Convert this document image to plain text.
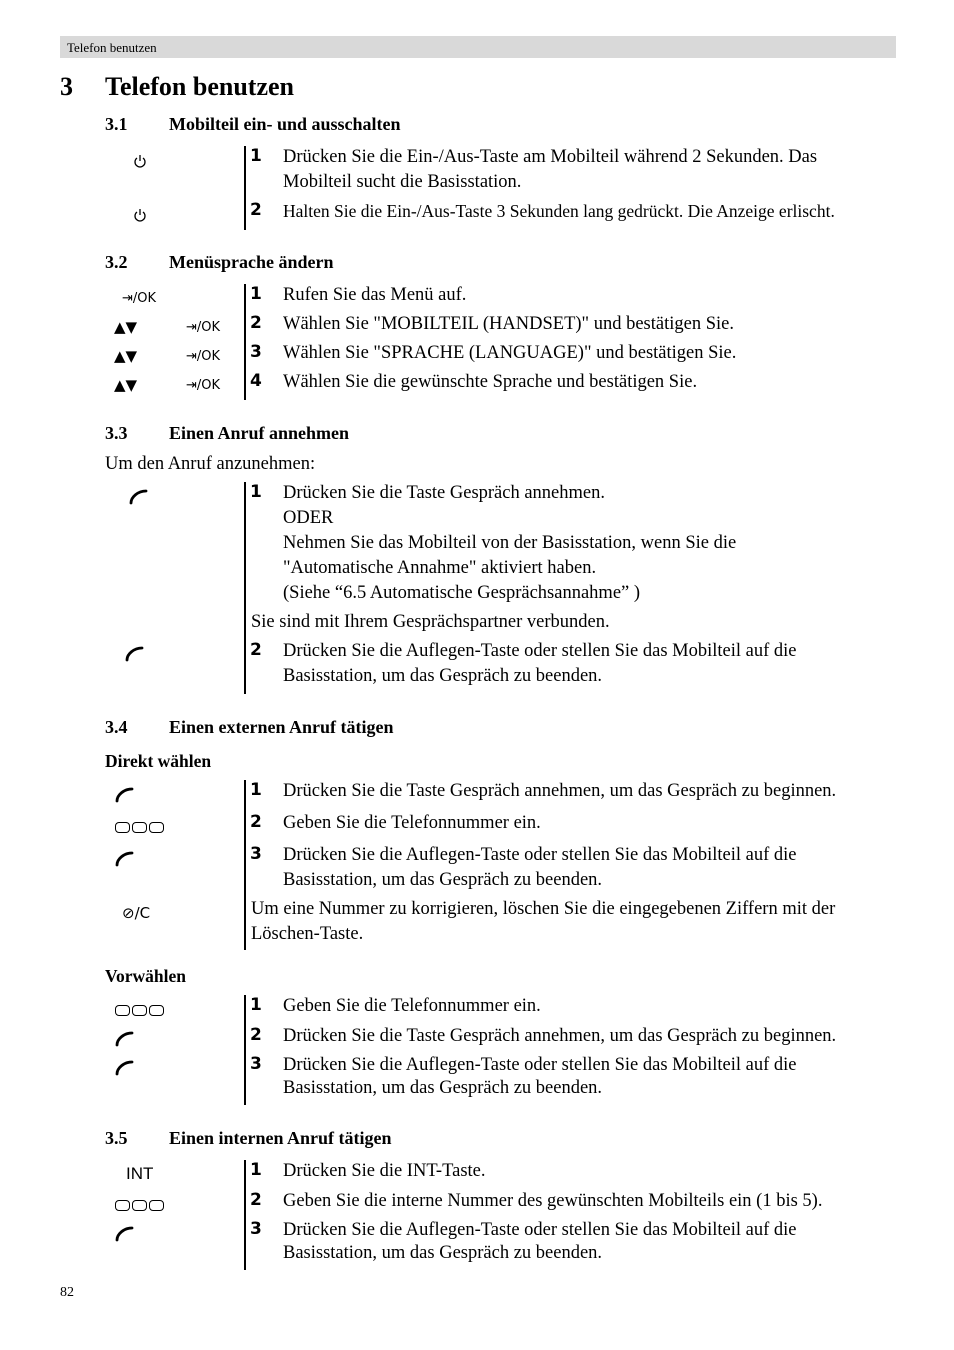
Telefon benutzen
3 Telefon benutzen
3.1 Mobilteil ein- und ausschalten
1 Drücken Sie die Ein-/Aus-Taste am Mobilteil während 2 Sekunden. Das
Mobilteil sucht die Basisstation.
2 Halten Sie die Ein-/Aus-Taste 3 Sekunden lang gedrückt. Die Anzeige erlischt.
3.2 Menüsprache ändern
⇥/OK
▲▼	⇥/OK
▲▼	⇥/OK
▲▼	⇥/OK
1 Rufen Sie das Menü auf.
2 Wählen Sie "MOBILTEIL (HANDSET)" und bestätigen Sie.
3 Wählen Sie "SPRACHE (LANGUAGE)" und bestätigen Sie.
4 Wählen Sie die gewünschte Sprache und bestätigen Sie.
3.3 Einen Anruf annehmen
Um den Anruf anzunehmen:
1 Drücken Sie die Taste Gespräch annehmen.
ODER
Nehmen Sie das Mobilteil von der Basisstation, wenn Sie die
"Automatische Annahme" aktiviert haben.
(Siehe “6.5 Automatische Gesprächsannahme” )
Sie sind mit Ihrem Gesprächspartner verbunden.
2 Drücken Sie die Auflegen-Taste oder stellen Sie das Mobilteil auf die
Basisstation, um das Gespräch zu beenden.
3.4 Einen externen Anruf tätigen
Direkt wählen
⊘/C
1 Drücken Sie die Taste Gespräch annehmen, um das Gespräch zu beginnen.
2 Geben Sie die Telefonnummer ein.
3 Drücken Sie die Auflegen-Taste oder stellen Sie das Mobilteil auf die
Basisstation, um das Gespräch zu beenden.
Um eine Nummer zu korrigieren, löschen Sie die eingegebenen Ziffern mit der
Löschen-Taste.
Vorwählen
1 Geben Sie die Telefonnummer ein.
2 Drücken Sie die Taste Gespräch annehmen, um das Gespräch zu beginnen.
3 Drücken Sie die Auflegen-Taste oder stellen Sie das Mobilteil auf die
Basisstation, um das Gespräch zu beenden.
3.5 Einen internen Anruf tätigen
INT	1 Drücken Sie die INT-Taste.
2 Geben Sie die interne Nummer des gewünschten Mobilteils ein (1 bis 5).
3 Drücken Sie die Auflegen-Taste oder stellen Sie das Mobilteil auf die
Basisstation, um das Gespräch zu beenden.
82
